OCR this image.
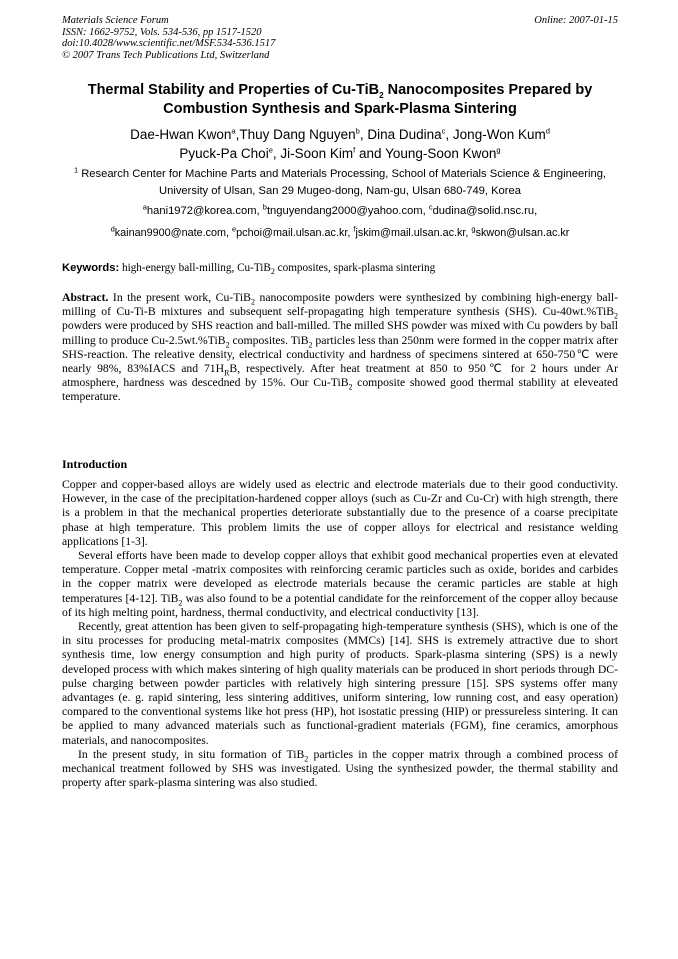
Materials Science Forum
ISSN: 1662-9752, Vols. 534-536, pp 1517-1520
doi:10.4028/www.scientific.net/MSF.534-536.1517
© 2007 Trans Tech Publications Ltd, Switzerland
Online: 2007-01-15
Thermal Stability and Properties of Cu-TiB$_2$ Nanocomposites Prepared by Combustion Synthesis and Spark-Plasma Sintering
Dae-Hwan Kwon$^a$,Thuy Dang Nguyen$^b$, Dina Dudina$^c$, Jong-Won Kum$^d$
Pyuck-Pa Choi$^e$, Ji-Soon Kim$^f$ and Young-Soon Kwon$^g$
$^1$ Research Center for Machine Parts and Materials Processing, School of Materials Science & Engineering, University of Ulsan, San 29 Mugeo-dong, Nam-gu, Ulsan 680-749, Korea
$^a$hani1972@korea.com, $^b$tnguyendang2000@yahoo.com, $^c$dudina@solid.nsc.ru,
$^d$kainan9900@nate.com, $^e$pchoi@mail.ulsan.ac.kr, $^f$jskim@mail.ulsan.ac.kr, $^g$skwon@ulsan.ac.kr
Keywords: high-energy ball-milling, Cu-TiB$_2$ composites, spark-plasma sintering
Abstract. In the present work, Cu-TiB$_2$ nanocomposite powders were synthesized by combining high-energy ball-milling of Cu-Ti-B mixtures and subsequent self-propagating high temperature synthesis (SHS). Cu-40wt.%TiB$_2$ powders were produced by SHS reaction and ball-milled. The milled SHS powder was mixed with Cu powders by ball milling to produce Cu-2.5wt.%TiB$_2$ composites. TiB$_2$ particles less than 250nm were formed in the copper matrix after SHS-reaction. The releative density, electrical conductivity and hardness of specimens sintered at 650-750℃ were nearly 98%, 83%IACS and $71H_RB$, respectively. After heat treatment at 850 to 950℃ for 2 hours under Ar atmosphere, hardness was descedned by 15%. Our Cu-TiB$_2$ composite showed good thermal stability at eleveated temperature.
Introduction

Copper and copper-based alloys are widely used as electric and electrode materials due to their good conductivity. However, in the case of the precipitation-hardened copper alloys (such as Cu-Zr and Cu-Cr) with high strength, there is a problem in that the mechanical properties deteriorate substantially due to the presence of a coarse precipitate phase at high temperature. This problem limits the use of copper alloys for electrical and resistance welding applications [1-3].

Several efforts have been made to develop copper alloys that exhibit good mechanical properties even at elevated temperature. Copper metal -matrix composites with reinforcing ceramic particles such as oxide, borides and carbides in the copper matrix were developed as electrode materials because the ceramic particles are stable at high temperatures [4-12]. TiB$_2$ was also found to be a potential candidate for the reinforcement of the copper alloy because of its high melting point, hardness, thermal conductivity, and electrical conductivity [13].

Recently, great attention has been given to self-propagating high-temperature synthesis (SHS), which is one of the in situ processes for producing metal-matrix composites (MMCs) [14]. SHS is extremely attractive due to short synthesis time, low energy consumption and high purity of products. Spark-plasma sintering (SPS) is a newly developed process with which makes sintering of high quality materials can be produced in short periods through DC-pulse charging between powder particles with relatively high sintering pressure [15]. SPS systems offer many advantages (e. g. rapid sintering, less sintering additives, uniform sintering, low running cost, and easy operation) compared to the conventional systems like hot press (HP), hot isostatic pressing (HIP) or pressureless sintering. It can be applied to many advanced materials such as functional-gradient materials (FGM), fine ceramics, amorphous materials, and nanocomposites.

In the present study, in situ formation of TiB$_2$ particles in the copper matrix through a combined process of mechanical treatment followed by SHS was investigated. Using the synthesized powder, the thermal stability and property after spark-plasma sintering was also studied.
